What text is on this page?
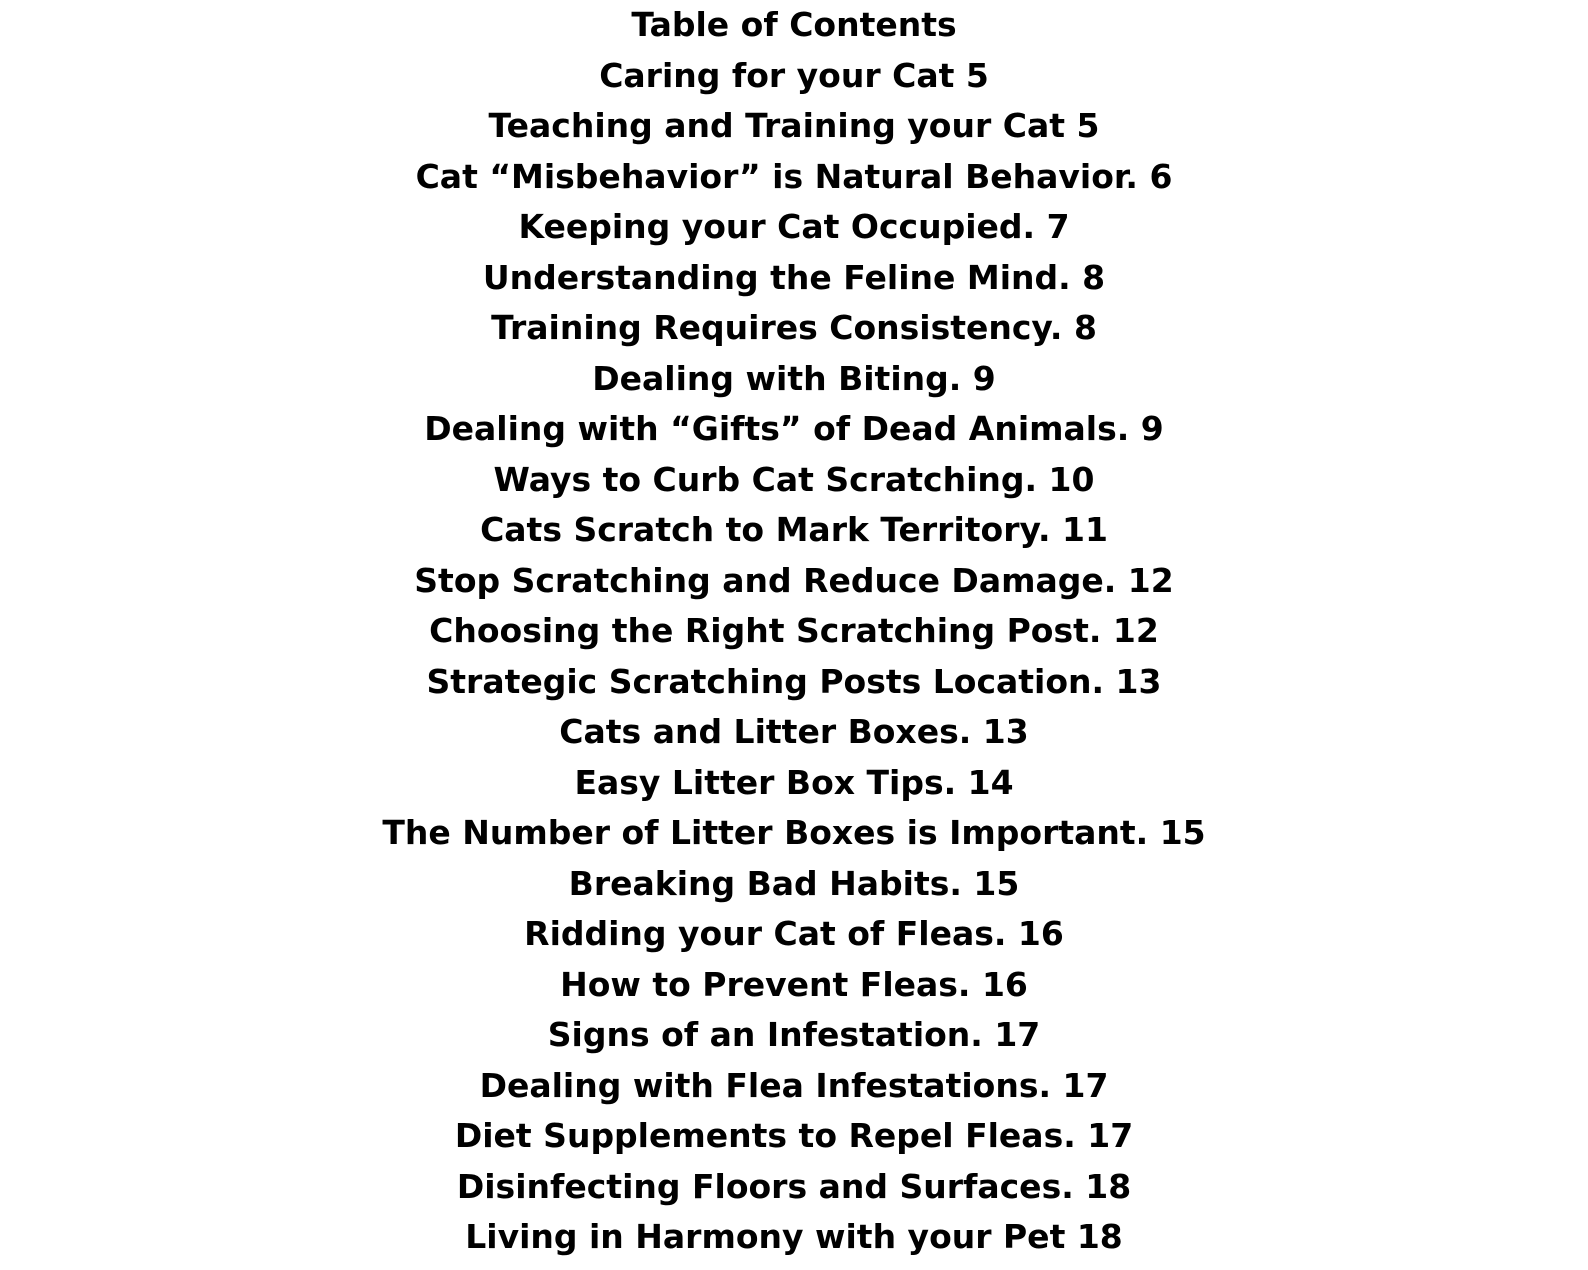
Table of Contents
Caring for your Cat 5
Teaching and Training your Cat 5
Cat “Misbehavior” is Natural Behavior. 6
Keeping your Cat Occupied. 7
Understanding the Feline Mind. 8
Training Requires Consistency. 8
Dealing with Biting. 9
Dealing with “Gifts” of Dead Animals. 9
Ways to Curb Cat Scratching. 10
Cats Scratch to Mark Territory. 11
Stop Scratching and Reduce Damage. 12
Choosing the Right Scratching Post. 12
Strategic Scratching Posts Location. 13
Cats and Litter Boxes. 13
Easy Litter Box Tips. 14
The Number of Litter Boxes is Important. 15
Breaking Bad Habits. 15
Ridding your Cat of Fleas. 16
How to Prevent Fleas. 16
Signs of an Infestation. 17
Dealing with Flea Infestations. 17
Diet Supplements to Repel Fleas. 17
Disinfecting Floors and Surfaces. 18
Living in Harmony with your Pet 18
